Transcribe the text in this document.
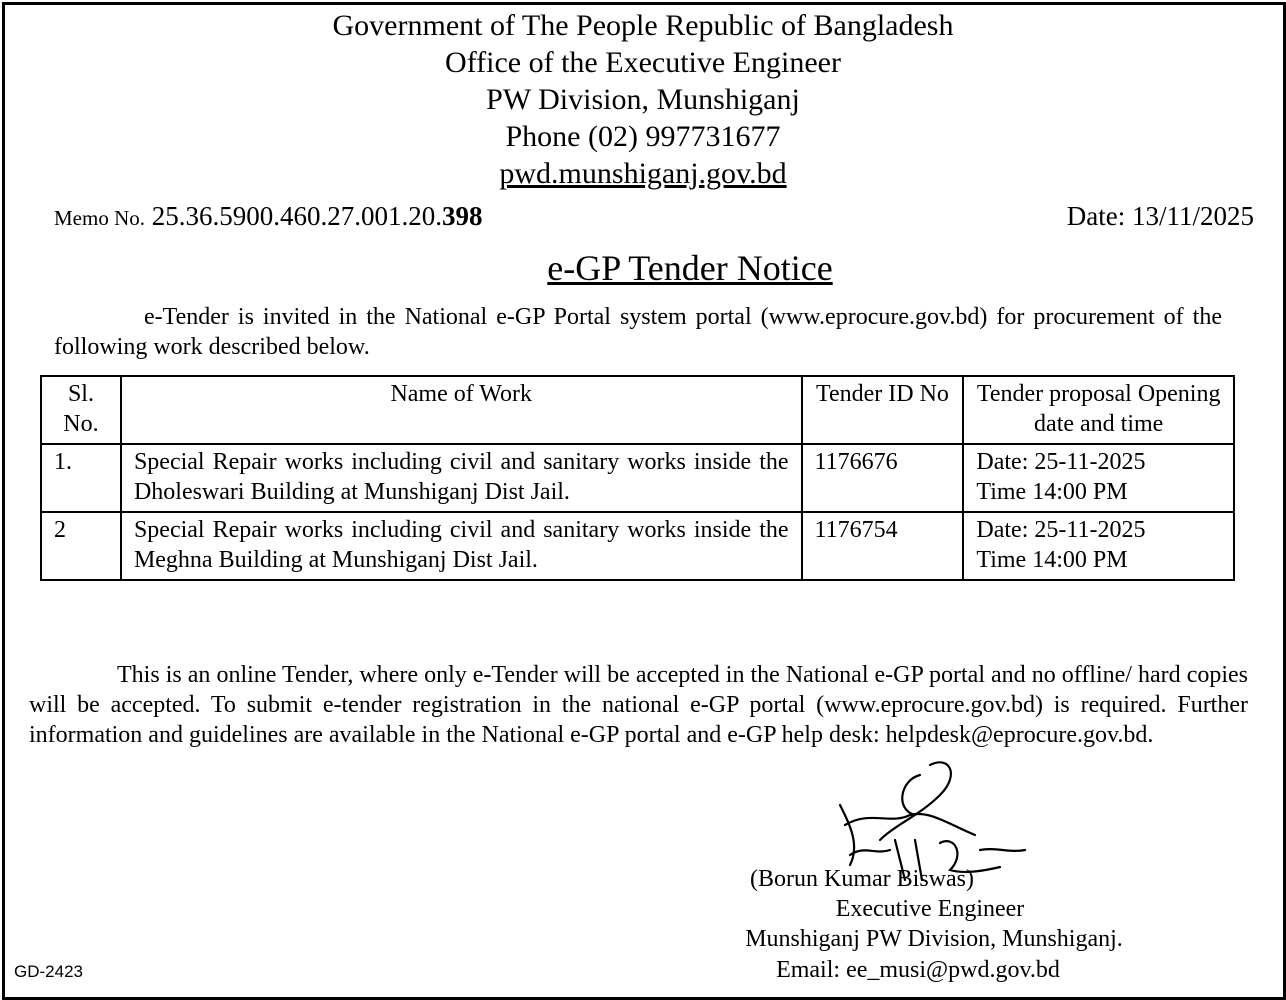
Government of The People Republic of Bangladesh
Office of the Executive Engineer
PW Division, Munshiganj
Phone (02) 997731677
pwd.munshiganj.gov.bd
Memo No. 25.36.5900.460.27.001.20.398	Date: 13/11/2025
e-GP Tender Notice
e-Tender is invited in the National e-GP Portal system portal (www.eprocure.gov.bd) for procurement of the following work described below.
Sl. No.	Name of Work	Tender ID No	Tender proposal Opening date and time
1.	Special Repair works including civil and sanitary works inside the Dholeswari Building at Munshiganj Dist Jail.	1176676	Date: 25-11-2025
Time 14:00 PM

2	Special Repair works including civil and sanitary works inside the Meghna Building at Munshiganj Dist Jail.	1176754	Date: 25-11-2025
Time 14:00 PM
This is an online Tender, where only e-Tender will be accepted in the National e-GP portal and no offline/ hard copies will be accepted. To submit e-tender registration in the national e-GP portal (www.eprocure.gov.bd) is required. Further information and guidelines are available in the National e-GP portal and e-GP help desk: helpdesk@eprocure.gov.bd.
(Borun Kumar Biswas)
Executive Engineer
Munshiganj PW Division, Munshiganj.
Email: ee_musi@pwd.gov.bd
GD-2423
